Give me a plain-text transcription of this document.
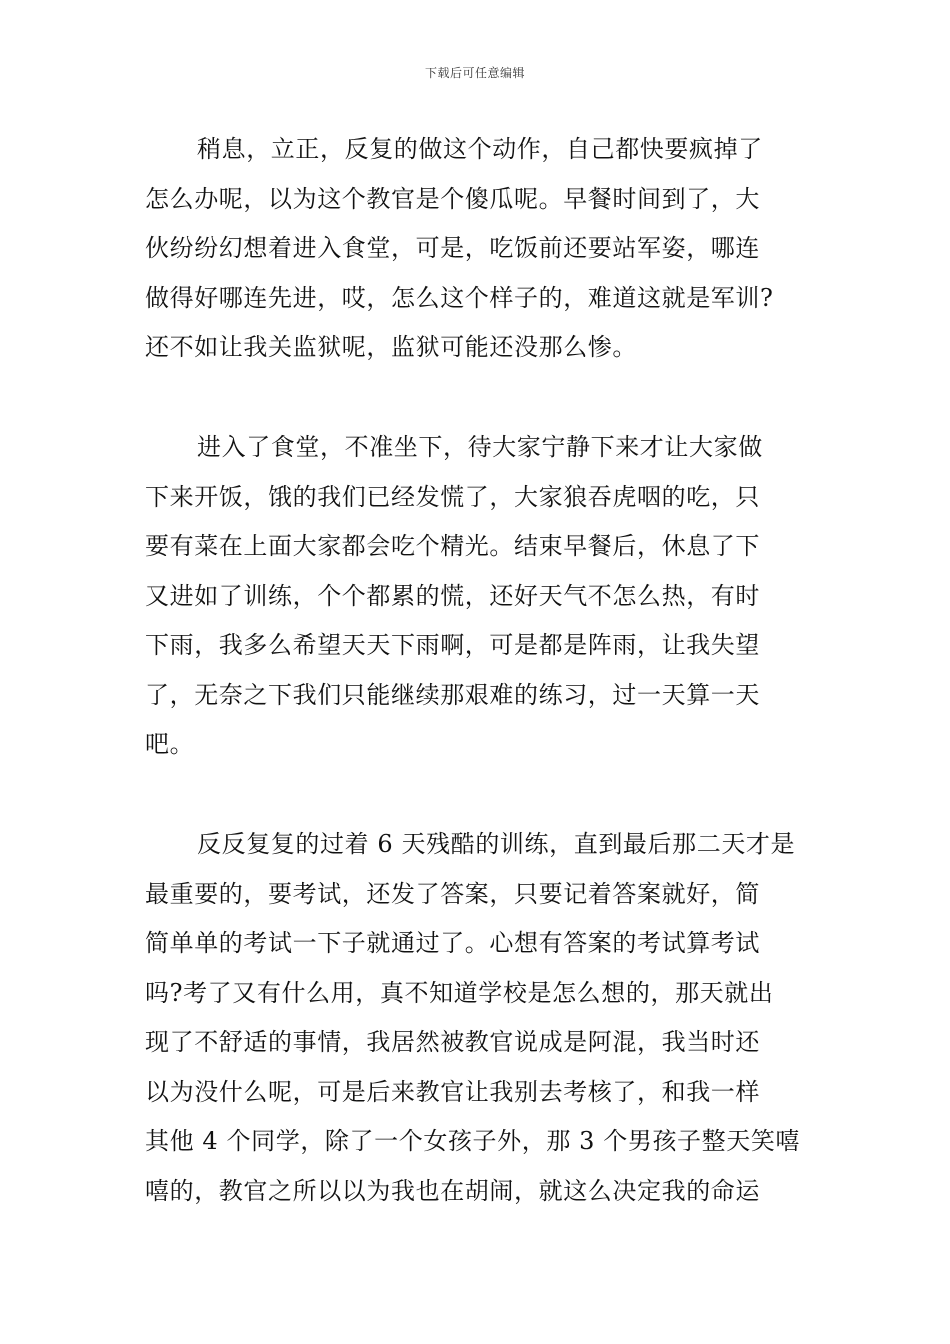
下载后可任意编辑

稍息，立正，反复的做这个动作，自己都快要疯掉了
怎么办呢，以为这个教官是个傻瓜呢。早餐时间到了，大
伙纷纷幻想着进入食堂，可是，吃饭前还要站军姿，哪连
做得好哪连先进，哎，怎么这个样子的，难道这就是军训?
还不如让我关监狱呢，监狱可能还没那么惨。

进入了食堂，不准坐下，待大家宁静下来才让大家做
下来开饭，饿的我们已经发慌了，大家狼吞虎咽的吃，只
要有菜在上面大家都会吃个精光。结束早餐后，休息了下
又进如了训练，个个都累的慌，还好天气不怎么热，有时
下雨，我多么希望天天下雨啊，可是都是阵雨，让我失望
了，无奈之下我们只能继续那艰难的练习，过一天算一天
吧。

反反复复的过着 6 天残酷的训练，直到最后那二天才是
最重要的，要考试，还发了答案，只要记着答案就好，简
简单单的考试一下子就通过了。心想有答案的考试算考试
吗?考了又有什么用，真不知道学校是怎么想的，那天就出
现了不舒适的事情，我居然被教官说成是阿混，我当时还
以为没什么呢，可是后来教官让我别去考核了，和我一样
其他 4 个同学，除了一个女孩子外，那 3 个男孩子整天笑嘻
嘻的，教官之所以以为我也在胡闹，就这么决定我的命运
